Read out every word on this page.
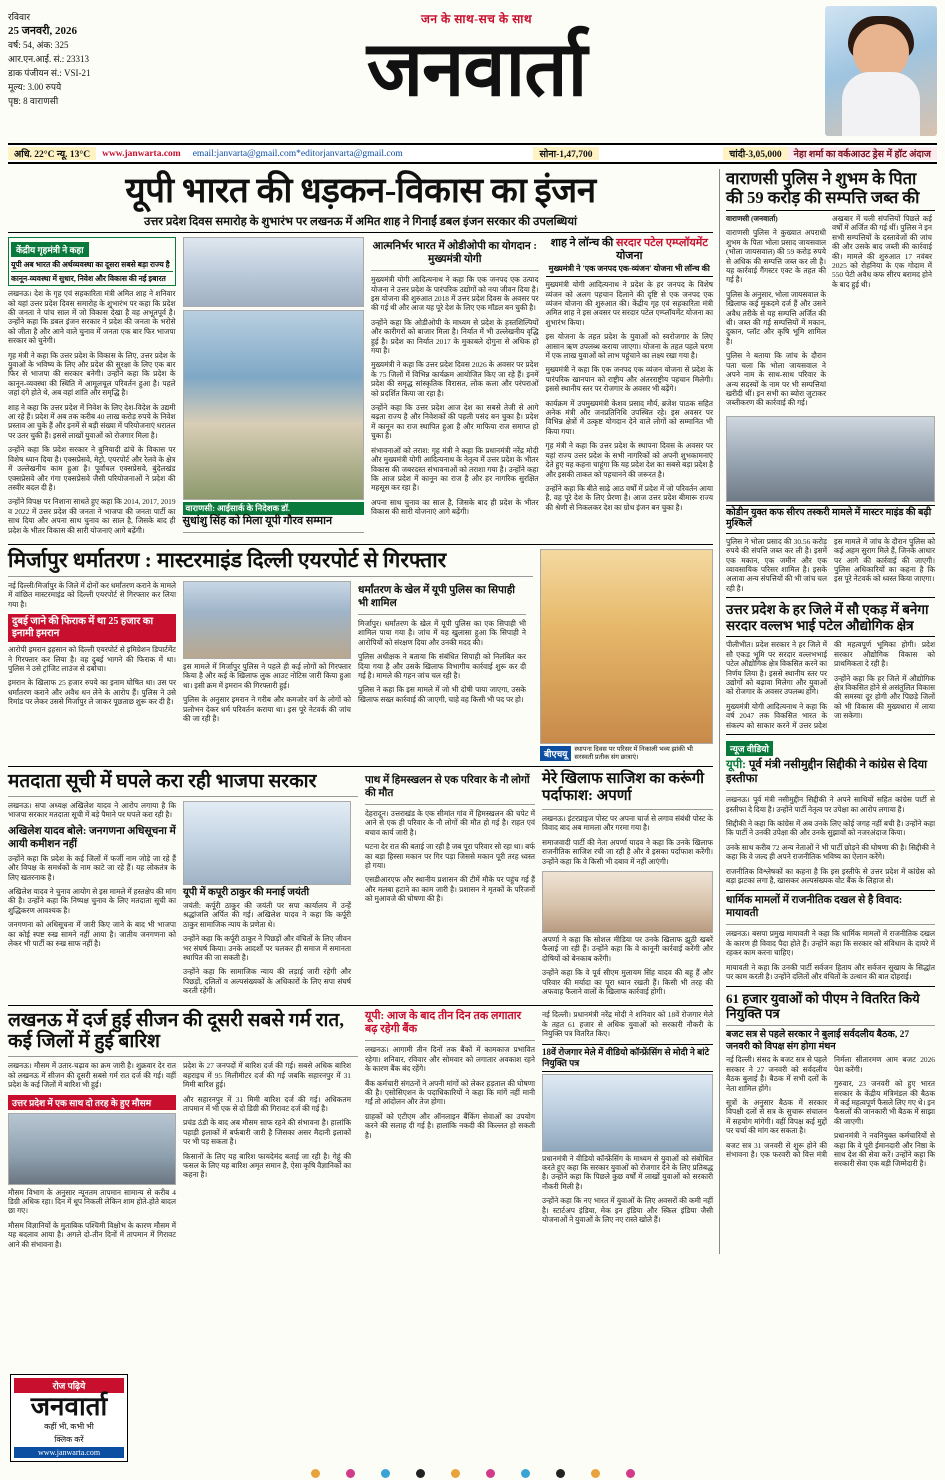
रविवार
25 जनवरी, 2026
वर्ष: 54, अंक: 325
आर.एन.आई. सं.: 23313
डाक पंजीयन सं.: VSI-21
मूल्य: 3.00 रुपये
पृष्ठ: 8 वाराणसी
जन के साथ-सच के साथ
जनवार्ता
अधि. 22°C न्यू. 13°C	www.janwarta.com	email:janvarta@gmail.com*editorjanvarta@gmail.com	सोना-1,47,700	चांदी-3,05,000	नेहा शर्मा का वर्कआउट ड्रेस में हॉट अंदाज
यूपी भारत की धड़कन-विकास का इंजन
उत्तर प्रदेश दिवस समारोह के शुभारंभ पर लखनऊ में अमित शाह ने गिनाईं डबल इंजन सरकार की उपलब्धियां
केंद्रीय गृहमंत्री ने कहा
यूपी अब भारत की अर्थव्यवस्था का दूसरा सबसे बड़ा राज्य है
कानून-व्यवस्था में सुधार, निवेश और विकास की नई इबारत

लखनऊ। देश के गृह एवं सहकारिता मंत्री अमित शाह ने शनिवार को यहां उत्तर प्रदेश दिवस समारोह के शुभारंभ पर कहा कि प्रदेश की जनता ने पांच साल में जो विकास देखा है वह अभूतपूर्व है। उन्होंने कहा कि डबल इंजन सरकार ने प्रदेश की जनता के भरोसे को जीता है और आने वाले चुनाव में जनता एक बार फिर भाजपा सरकार को चुनेगी।

गृह मंत्री ने कहा कि उत्तर प्रदेश के विकास के लिए, उत्तर प्रदेश के युवाओं के भविष्य के लिए और प्रदेश की सुरक्षा के लिए एक बार फिर से भाजपा की सरकार बनेगी। उन्होंने कहा कि प्रदेश के कानून-व्यवस्था की स्थिति में आमूलचूल परिवर्तन हुआ है। पहले जहां दंगे होते थे, अब वहां शांति और समृद्धि है।

शाह ने कहा कि उत्तर प्रदेश में निवेश के लिए देश-विदेश के उद्यमी आ रहे हैं। प्रदेश में अब तक करीब 40 लाख करोड़ रुपये के निवेश प्रस्ताव आ चुके हैं और इनमें से बड़ी संख्या में परियोजनाएं धरातल पर उतर चुकी हैं। इससे लाखों युवाओं को रोजगार मिला है।

उन्होंने कहा कि प्रदेश सरकार ने बुनियादी ढांचे के विकास पर विशेष ध्यान दिया है। एक्सप्रेसवे, मेट्रो, एयरपोर्ट और रेलवे के क्षेत्र में उल्लेखनीय काम हुआ है। पूर्वांचल एक्सप्रेसवे, बुंदेलखंड एक्सप्रेसवे और गंगा एक्सप्रेसवे जैसी परियोजनाओं ने प्रदेश की तस्वीर बदल दी है।

उन्होंने विपक्ष पर निशाना साधते हुए कहा कि 2014, 2017, 2019 व 2022 में उत्तर प्रदेश की जनता ने भाजपा की जनता पार्टी का साथ दिया और अपना साथ चुनाव का साल है, जिसके बाद ही प्रदेश के भीतर विकास की सारी योजनाएं आगे बढ़ेंगी।

वाराणसी: आईसार्क के निदेशक डॉ.
सुधांशु सिंह को मिला यूपी गौरव सम्मान

आत्मनिर्भर भारत में ओडीओपी का योगदान : मुख्यमंत्री योगी

मुख्यमंत्री योगी आदित्यनाथ ने कहा कि एक जनपद एक उत्पाद योजना ने उत्तर प्रदेश के पारंपरिक उद्योगों को नया जीवन दिया है। इस योजना की शुरुआत 2018 में उत्तर प्रदेश दिवस के अवसर पर की गई थी और आज यह पूरे देश के लिए एक मॉडल बन चुकी है।

उन्होंने कहा कि ओडीओपी के माध्यम से प्रदेश के हस्तशिल्पियों और कारीगरों को बाजार मिला है। निर्यात में भी उल्लेखनीय वृद्धि हुई है। प्रदेश का निर्यात 2017 के मुकाबले दोगुना से अधिक हो गया है।

मुख्यमंत्री ने कहा कि उत्तर प्रदेश दिवस 2026 के अवसर पर प्रदेश के 75 जिलों में विभिन्न कार्यक्रम आयोजित किए जा रहे हैं। इनमें प्रदेश की समृद्ध सांस्कृतिक विरासत, लोक कला और परंपराओं को प्रदर्शित किया जा रहा है।

उन्होंने कहा कि उत्तर प्रदेश आज देश का सबसे तेजी से आगे बढ़ता राज्य है और निवेशकों की पहली पसंद बन चुका है। प्रदेश में कानून का राज स्थापित हुआ है और माफिया राज समाप्त हो चुका है।

संभावनाओं को तराश: गृह मंत्री ने कहा कि प्रधानमंत्री नरेंद्र मोदी और मुख्यमंत्री योगी आदित्यनाथ के नेतृत्व में उत्तर प्रदेश के भीतर विकास की जबरदस्त संभावनाओं को तराशा गया है। उन्होंने कहा कि आज प्रदेश में कानून का राज है और हर नागरिक सुरक्षित महसूस कर रहा है।

अपना साथ चुनाव का साल है, जिसके बाद ही प्रदेश के भीतर विकास की सारी योजनाएं आगे बढ़ेंगी।

शाह ने लॉन्च की सरदार पटेल एम्प्लॉयमेंट योजना
मुख्यमंत्री ने 'एक जनपद एक-व्यंजन' योजना भी लॉन्च की

मुख्यमंत्री योगी आदित्यनाथ ने प्रदेश के हर जनपद के विशेष व्यंजन को अलग पहचान दिलाने की दृष्टि से एक जनपद एक व्यंजन योजना की शुरुआत की। केंद्रीय गृह एवं सहकारिता मंत्री अमित शाह ने इस अवसर पर सरदार पटेल एम्प्लॉयमेंट योजना का शुभारंभ किया।

इस योजना के तहत प्रदेश के युवाओं को स्वरोजगार के लिए आसान ऋण उपलब्ध कराया जाएगा। योजना के तहत पहले चरण में एक लाख युवाओं को लाभ पहुंचाने का लक्ष्य रखा गया है।

मुख्यमंत्री ने कहा कि एक जनपद एक व्यंजन योजना से प्रदेश के पारंपरिक खानपान को राष्ट्रीय और अंतरराष्ट्रीय पहचान मिलेगी। इससे स्थानीय स्तर पर रोजगार के अवसर भी बढ़ेंगे।

कार्यक्रम में उपमुख्यमंत्री केशव प्रसाद मौर्य, ब्रजेश पाठक सहित अनेक मंत्री और जनप्रतिनिधि उपस्थित रहे। इस अवसर पर विभिन्न क्षेत्रों में उत्कृष्ट योगदान देने वाले लोगों को सम्मानित भी किया गया।

गृह मंत्री ने कहा कि उत्तर प्रदेश के स्थापना दिवस के अवसर पर यहां राज्य उत्तर प्रदेश के सभी नागरिकों को अपनी शुभकामनाएं देते हुए यह कहना चाहूंगा कि यह प्रदेश देश का सबसे बड़ा प्रदेश है और इसकी ताकत को पहचानने की जरूरत है।

उन्होंने कहा कि बीते साढ़े आठ वर्षों में प्रदेश में जो परिवर्तन आया है, वह पूरे देश के लिए प्रेरणा है। आज उत्तर प्रदेश बीमारू राज्य की श्रेणी से निकलकर देश का ग्रोथ इंजन बन चुका है।

मिर्जापुर धर्मातरण : मास्टरमाइंड दिल्ली एयरपोर्ट से गिरफ्तार

नई दिल्ली/मिर्जापुर के जिले में दोनों कर धर्मांतरण कराने के मामले में वांछित मास्टरमाइंड को दिल्ली एयरपोर्ट से गिरफ्तार कर लिया गया है।

दुबई जाने की फिराक में था 25 हजार का इनामी इमरान

आरोपी इमरान इहसान को दिल्ली एयरपोर्ट से इमिग्रेशन डिपार्टमेंट ने गिरफ्तार कर लिया है। वह दुबई भागने की फिराक में था। पुलिस ने उसे ट्रांजिट लाउंज से दबोचा।

इमरान के खिलाफ 25 हजार रुपये का इनाम घोषित था। उस पर धर्मांतरण कराने और अवैध धन लेने के आरोप हैं। पुलिस ने उसे रिमांड पर लेकर उससे मिर्जापुर ले जाकर पूछताछ शुरू कर दी है।

इस मामले में मिर्जापुर पुलिस ने पहले ही कई लोगों को गिरफ्तार किया है और कई के खिलाफ लुक आउट नोटिस जारी किया हुआ था। इसी क्रम में इमरान की गिरफ्तारी हुई।

पुलिस के अनुसार इमरान ने गरीब और कमजोर वर्ग के लोगों को प्रलोभन देकर धर्म परिवर्तन कराया था। इस पूरे नेटवर्क की जांच की जा रही है।

धर्मांतरण के खेल में यूपी पुलिस का सिपाही भी शामिल

मिर्जापुर। धर्मांतरण के खेल में यूपी पुलिस का एक सिपाही भी शामिल पाया गया है। जांच में यह खुलासा हुआ कि सिपाही ने आरोपियों को संरक्षण दिया और उनकी मदद की।

पुलिस अधीक्षक ने बताया कि संबंधित सिपाही को निलंबित कर दिया गया है और उसके खिलाफ विभागीय कार्रवाई शुरू कर दी गई है। मामले की गहन जांच चल रही है।

पुलिस ने कहा कि इस मामले में जो भी दोषी पाया जाएगा, उसके खिलाफ सख्त कार्रवाई की जाएगी, चाहे वह किसी भी पद पर हो।

बीएचयू	स्थापना दिवस पर परिसर में निकाली भव्य झांकी भी सरस्वती प्रतीक संग छात्राएं।
मतदाता सूची में घपले करा रही भाजपा सरकार

लखनऊ। सपा अध्यक्ष अखिलेश यादव ने आरोप लगाया है कि भाजपा सरकार मतदाता सूची में बड़े पैमाने पर घपले करा रही है।

अखिलेश यादव बोले: जनगणना अधिसूचना में आयी कमीशन नहीं

उन्होंने कहा कि प्रदेश के कई जिलों में फर्जी नाम जोड़े जा रहे हैं और विपक्ष के समर्थकों के नाम काटे जा रहे हैं। यह लोकतंत्र के लिए खतरनाक है।

अखिलेश यादव ने चुनाव आयोग से इस मामले में हस्तक्षेप की मांग की है। उन्होंने कहा कि निष्पक्ष चुनाव के लिए मतदाता सूची का शुद्धिकरण आवश्यक है।

जनगणना को अधिसूचना में जारी किए जाने के बाद भी भाजपा का कोई स्पष्ट रुख सामने नहीं आया है। जातीय जनगणना को लेकर भी पार्टी का रुख साफ नहीं है।

यूपी में कपूरी ठाकुर की मनाई जयंती

जयंती: कर्पूरी ठाकुर की जयंती पर सपा कार्यालय में उन्हें श्रद्धांजलि अर्पित की गई। अखिलेश यादव ने कहा कि कर्पूरी ठाकुर सामाजिक न्याय के प्रणेता थे।

उन्होंने कहा कि कर्पूरी ठाकुर ने पिछड़ों और वंचितों के लिए जीवन भर संघर्ष किया। उनके आदर्शों पर चलकर ही समाज में समानता स्थापित की जा सकती है।

उन्होंने कहा कि सामाजिक न्याय की लड़ाई जारी रहेगी और पिछड़ों, दलितों व अल्पसंख्यकों के अधिकारों के लिए सपा संघर्ष करती रहेगी।

पाथ में हिमस्खलन से एक परिवार के नौ लोगों की मौत

देहरादून। उत्तराखंड के एक सीमांत गांव में हिमस्खलन की चपेट में आने से एक ही परिवार के नौ लोगों की मौत हो गई है। राहत एवं बचाव कार्य जारी है।

घटना देर रात की बताई जा रही है जब पूरा परिवार सो रहा था। बर्फ का बड़ा हिस्सा मकान पर गिर पड़ा जिससे मकान पूरी तरह ध्वस्त हो गया।

एसडीआरएफ और स्थानीय प्रशासन की टीमें मौके पर पहुंच गई हैं और मलबा हटाने का काम जारी है। प्रशासन ने मृतकों के परिजनों को मुआवजे की घोषणा की है।

मेरे खिलाफ साजिश का करूंगी पर्दाफाश: अपर्णा

लखनऊ। इंटरप्राइज पोस्ट पर अपना चार्ज से लगाव संबंधी पोस्ट के विवाद बाद अब मामला और गरमा गया है।

समाजवादी पार्टी की नेता अपर्णा यादव ने कहा कि उनके खिलाफ राजनीतिक साजिश रची जा रही है और वे इसका पर्दाफाश करेंगी। उन्होंने कहा कि वे किसी भी दबाव में नहीं आएंगी।

अपर्णा ने कहा कि सोशल मीडिया पर उनके खिलाफ झूठी खबरें फैलाई जा रही हैं। उन्होंने कहा कि वे कानूनी कार्रवाई करेंगी और दोषियों को बेनकाब करेंगी।

उन्होंने कहा कि वे पूर्व सीएम मुलायम सिंह यादव की बहू हैं और परिवार की मर्यादा का पूरा ध्यान रखती हैं। किसी भी तरह की अफवाह फैलाने वालों के खिलाफ कार्रवाई होगी।

लखनऊ में दर्ज हुई सीजन की दूसरी सबसे गर्म रात, कई जिलों में हुई बारिश

लखनऊ। मौसम में उतार-चढ़ाव का क्रम जारी है। शुक्रवार देर रात को लखनऊ में सीजन की दूसरी सबसे गर्म रात दर्ज की गई। वहीं प्रदेश के कई जिलों में बारिश भी हुई।

उत्तर प्रदेश में एक साथ दो तरह के हुए मौसम

मौसम विभाग के अनुसार न्यूनतम तापमान सामान्य से करीब 4 डिग्री अधिक रहा। दिन में धूप निकली लेकिन शाम होते-होते बादल छा गए।

मौसम विज्ञानियों के मुताबिक पश्चिमी विक्षोभ के कारण मौसम में यह बदलाव आया है। अगले दो-तीन दिनों में तापमान में गिरावट आने की संभावना है।

प्रदेश के 27 जनपदों में बारिश दर्ज की गई। सबसे अधिक बारिश बहराइच में 95 मिलीमीटर दर्ज की गई जबकि सहारनपुर में 31 मिमी बारिश हुई।

और सहारनपुर में 31 मिमी बारिश दर्ज की गई। अधिकतम तापमान में भी एक से दो डिग्री की गिरावट दर्ज की गई है।

प्रचंड ठंडी के बाद अब मौसम साफ रहने की संभावना है। हालांकि पहाड़ी इलाकों में बर्फबारी जारी है जिसका असर मैदानी इलाकों पर भी पड़ सकता है।

किसानों के लिए यह बारिश फायदेमंद बताई जा रही है। गेहूं की फसल के लिए यह बारिश अमृत समान है, ऐसा कृषि वैज्ञानिकों का कहना है।

यूपी: आज के बाद तीन दिन तक लगातार बढ़ रहेगी बैंक

लखनऊ। आगामी तीन दिनों तक बैंकों में कामकाज प्रभावित रहेगा। शनिवार, रविवार और सोमवार को लगातार अवकाश रहने के कारण बैंक बंद रहेंगे।

बैंक कर्मचारी संगठनों ने अपनी मांगों को लेकर हड़ताल की घोषणा की है। एसोसिएशन के पदाधिकारियों ने कहा कि मांगें नहीं मानी गईं तो आंदोलन और तेज होगा।

ग्राहकों को एटीएम और ऑनलाइन बैंकिंग सेवाओं का उपयोग करने की सलाह दी गई है। हालांकि नकदी की किल्लत हो सकती है।

नई दिल्ली। प्रधानमंत्री नरेंद्र मोदी ने शनिवार को 18वें रोजगार मेले के तहत 61 हजार से अधिक युवाओं को सरकारी नौकरी के नियुक्ति पत्र वितरित किए।

18वें रोजगार मेले में वीडियो कॉन्फ्रेंसिंग से मोदी ने बांटे नियुक्ति पत्र

प्रधानमंत्री ने वीडियो कॉन्फ्रेंसिंग के माध्यम से युवाओं को संबोधित करते हुए कहा कि सरकार युवाओं को रोजगार देने के लिए प्रतिबद्ध है। उन्होंने कहा कि पिछले कुछ वर्षों में लाखों युवाओं को सरकारी नौकरी मिली है।

उन्होंने कहा कि नए भारत में युवाओं के लिए अवसरों की कमी नहीं है। स्टार्टअप इंडिया, मेक इन इंडिया और स्किल इंडिया जैसी योजनाओं ने युवाओं के लिए नए रास्ते खोले हैं।

वाराणसी पुलिस ने शुभम के पिता की 59 करोड़ की सम्पत्ति जब्त की

वाराणसी (जनवार्ता)

वाराणसी पुलिस ने कुख्यात अपराधी शुभम के पिता भोला प्रसाद जायसवाल (भोला जायसवाल) की 59 करोड़ रुपये से अधिक की सम्पत्ति जब्त कर ली है। यह कार्रवाई गैंगस्टर एक्ट के तहत की गई है।

पुलिस के अनुसार, भोला जायसवाल के खिलाफ कई मुकदमे दर्ज हैं और उसने अवैध तरीके से यह सम्पत्ति अर्जित की थी। जब्त की गई सम्पत्तियों में मकान, दुकान, प्लॉट और कृषि भूमि शामिल है।

पुलिस ने बताया कि जांच के दौरान पता चला कि भोला जायसवाल ने अपने नाम के साथ-साथ परिवार के अन्य सदस्यों के नाम पर भी सम्पत्तियां खरीदी थीं। इन सभी का ब्योरा जुटाकर जब्तीकरण की कार्रवाई की गई।

अखबार में चली संपत्तियों पिछले कई वर्षों में अर्जित की गई थीं। पुलिस ने इन सभी सम्पत्तियों के दस्तावेजों की जांच की और उसके बाद जब्ती की कार्रवाई की। मामले की शुरुआत 17 नवंबर 2025 को रोहनिया के एक गोदाम में 550 पेटी अवैध कफ सीरप बरामद होने के बाद हुई थी।

कोडीन युक्त कफ सीरप तस्करी मामले में मास्टर माइंड की बढ़ी मुश्किलें

पुलिस ने भोला प्रसाद की 30.56 करोड़ रुपये की संपत्ति जब्त कर ली है। इसमें एक मकान, एक जमीन और एक व्यावसायिक परिसर शामिल है। इसके अलावा अन्य संपत्तियों की भी जांच चल रही है।

इस मामले में जांच के दौरान पुलिस को कई अहम सुराग मिले हैं, जिनके आधार पर आगे की कार्रवाई की जाएगी। पुलिस अधिकारियों का कहना है कि इस पूरे नेटवर्क को ध्वस्त किया जाएगा।

उत्तर प्रदेश के हर जिले में सौ एकड़ में बनेगा सरदार वल्लभ भाई पटेल औद्योगिक क्षेत्र

पीलीभीत। प्रदेश सरकार ने हर जिले में सौ एकड़ भूमि पर सरदार वल्लभभाई पटेल औद्योगिक क्षेत्र विकसित करने का निर्णय लिया है। इससे स्थानीय स्तर पर उद्योगों को बढ़ावा मिलेगा और युवाओं को रोजगार के अवसर उपलब्ध होंगे।

मुख्यमंत्री योगी आदित्यनाथ ने कहा कि वर्ष 2047 तक विकसित भारत के संकल्प को साकार करने में उत्तर प्रदेश की महत्वपूर्ण भूमिका होगी। प्रदेश सरकार औद्योगिक विकास को प्राथमिकता दे रही है।

उन्होंने कहा कि हर जिले में औद्योगिक क्षेत्र विकसित होने से असंतुलित विकास की समस्या दूर होगी और पिछड़े जिलों को भी विकास की मुख्यधारा में लाया जा सकेगा।

न्यूज वीडियो
यूपी: पूर्व मंत्री नसीमुद्दीन सिद्दीकी ने कांग्रेस से दिया इस्तीफा

लखनऊ। पूर्व मंत्री नसीमुद्दीन सिद्दीकी ने अपने साथियों सहित कांग्रेस पार्टी से इस्तीफा दे दिया है। उन्होंने पार्टी नेतृत्व पर उपेक्षा का आरोप लगाया है।

सिद्दीकी ने कहा कि कांग्रेस में अब उनके लिए कोई जगह नहीं बची है। उन्होंने कहा कि पार्टी ने उनकी उपेक्षा की और उनके सुझावों को नजरअंदाज किया।

उनके साथ करीब 72 अन्य नेताओं ने भी पार्टी छोड़ने की घोषणा की है। सिद्दीकी ने कहा कि वे जल्द ही अपने राजनीतिक भविष्य का ऐलान करेंगे।

राजनीतिक विश्लेषकों का कहना है कि इस इस्तीफे से उत्तर प्रदेश में कांग्रेस को बड़ा झटका लगा है, खासकर अल्पसंख्यक वोट बैंक के लिहाज से।

धार्मिक मामलों में राजनीतिक दखल से है विवाद: मायावती

लखनऊ। बसपा प्रमुख मायावती ने कहा कि धार्मिक मामलों में राजनीतिक दखल के कारण ही विवाद पैदा होते हैं। उन्होंने कहा कि सरकार को संविधान के दायरे में रहकर काम करना चाहिए।

मायावती ने कहा कि उनकी पार्टी सर्वजन हिताय और सर्वजन सुखाय के सिद्धांत पर काम करती है। उन्होंने दलितों और वंचितों के उत्थान की बात दोहराई।

61 हजार युवाओं को पीएम ने वितरित किये नियुक्ति पत्र
बजट सत्र से पहले सरकार ने बुलाई सर्वदलीय बैठक, 27 जनवरी को विपक्ष संग होगा मंथन

नई दिल्ली। संसद के बजट सत्र से पहले सरकार ने 27 जनवरी को सर्वदलीय बैठक बुलाई है। बैठक में सभी दलों के नेता शामिल होंगे।

सूत्रों के अनुसार बैठक में सरकार विपक्षी दलों से सत्र के सुचारू संचालन में सहयोग मांगेगी। वहीं विपक्ष कई मुद्दों पर चर्चा की मांग कर सकता है।

बजट सत्र 31 जनवरी से शुरू होने की संभावना है। एक फरवरी को वित्त मंत्री निर्मला सीतारमण आम बजट 2026 पेश करेंगी।

गुरुवार, 23 जनवरी को हुए भारत सरकार के केंद्रीय मंत्रिमंडल की बैठक में कई महत्वपूर्ण फैसले लिए गए थे। इन फैसलों की जानकारी भी बैठक में साझा की जाएगी।

प्रधानमंत्री ने नवनियुक्त कर्मचारियों से कहा कि वे पूरी ईमानदारी और निष्ठा के साथ देश की सेवा करें। उन्होंने कहा कि सरकारी सेवा एक बड़ी जिम्मेदारी है।

रोज पढ़िये
जनवार्ता
कहीं भी, कभी भी
क्लिक करें
www.janwarta.com
